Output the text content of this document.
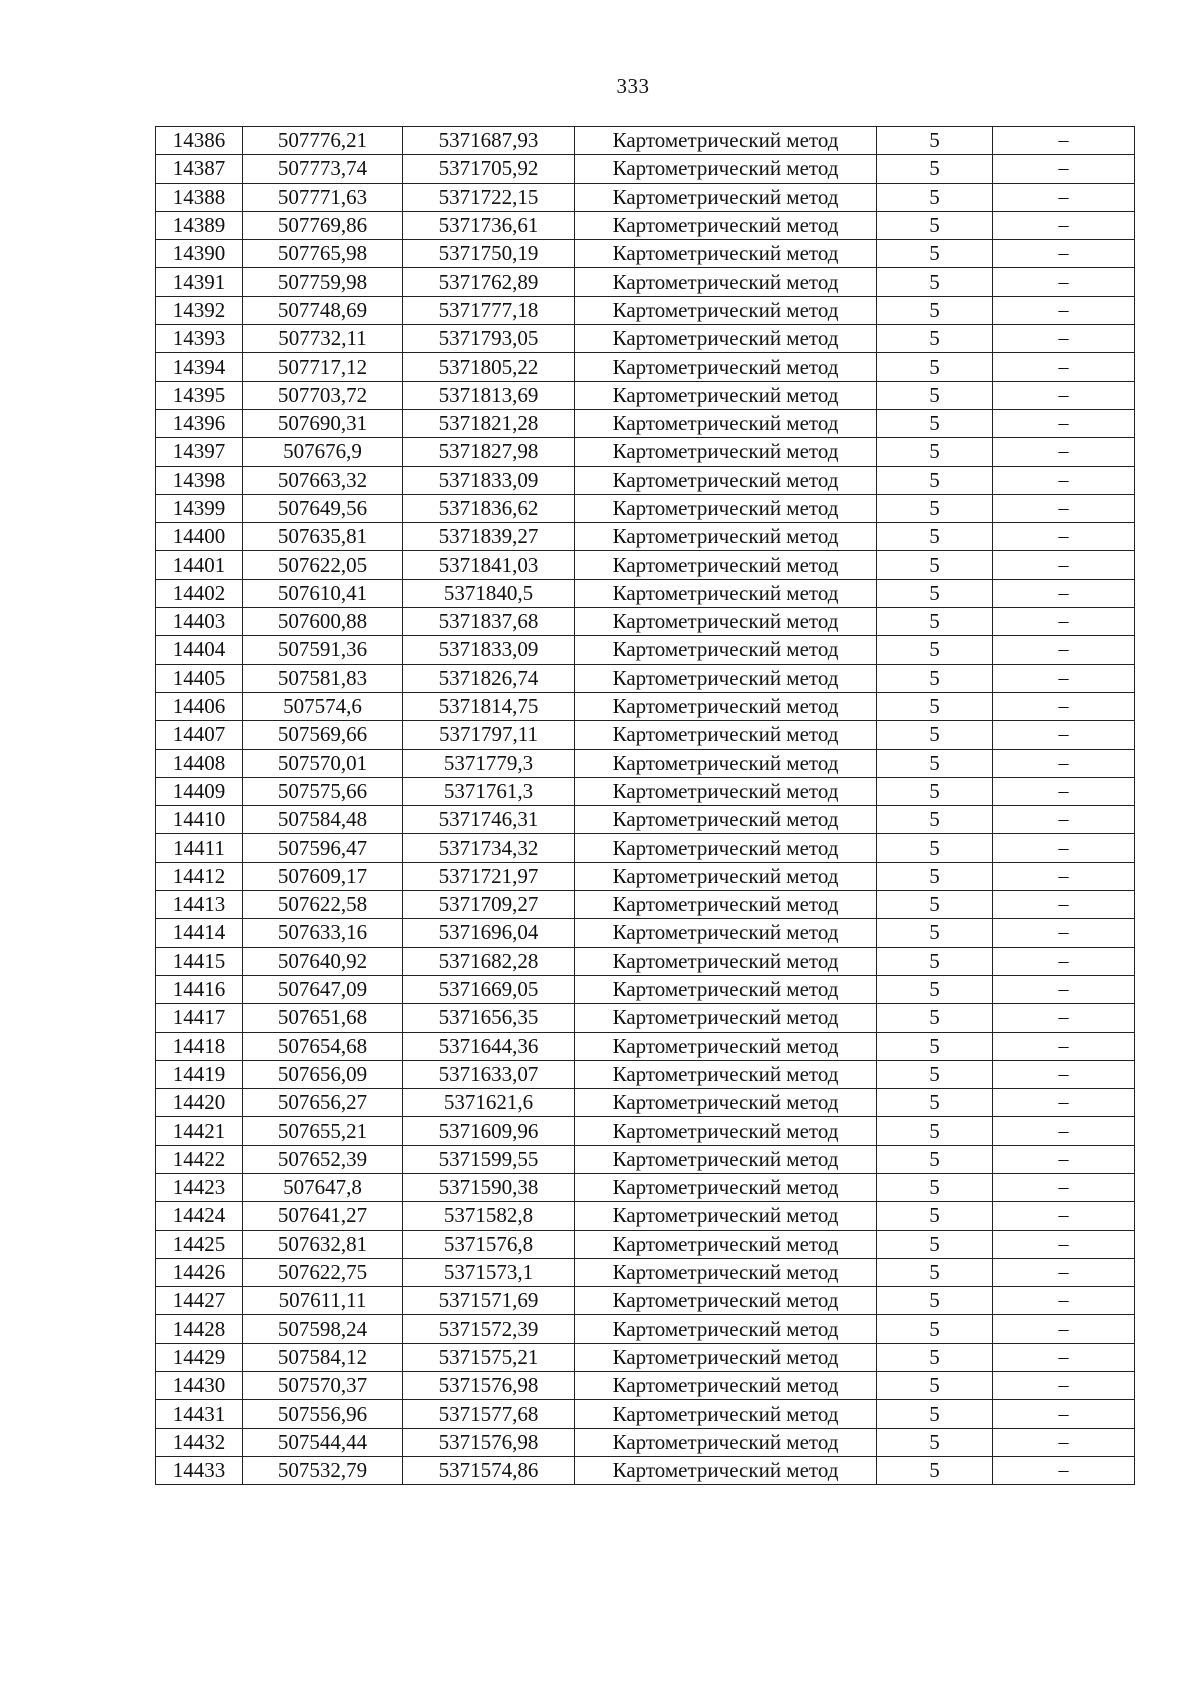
333
14386	507776,21	5371687,93	Картометрический метод	5	–
14387	507773,74	5371705,92	Картометрический метод	5	–
14388	507771,63	5371722,15	Картометрический метод	5	–
14389	507769,86	5371736,61	Картометрический метод	5	–
14390	507765,98	5371750,19	Картометрический метод	5	–
14391	507759,98	5371762,89	Картометрический метод	5	–
14392	507748,69	5371777,18	Картометрический метод	5	–
14393	507732,11	5371793,05	Картометрический метод	5	–
14394	507717,12	5371805,22	Картометрический метод	5	–
14395	507703,72	5371813,69	Картометрический метод	5	–
14396	507690,31	5371821,28	Картометрический метод	5	–
14397	507676,9	5371827,98	Картометрический метод	5	–
14398	507663,32	5371833,09	Картометрический метод	5	–
14399	507649,56	5371836,62	Картометрический метод	5	–
14400	507635,81	5371839,27	Картометрический метод	5	–
14401	507622,05	5371841,03	Картометрический метод	5	–
14402	507610,41	5371840,5	Картометрический метод	5	–
14403	507600,88	5371837,68	Картометрический метод	5	–
14404	507591,36	5371833,09	Картометрический метод	5	–
14405	507581,83	5371826,74	Картометрический метод	5	–
14406	507574,6	5371814,75	Картометрический метод	5	–
14407	507569,66	5371797,11	Картометрический метод	5	–
14408	507570,01	5371779,3	Картометрический метод	5	–
14409	507575,66	5371761,3	Картометрический метод	5	–
14410	507584,48	5371746,31	Картометрический метод	5	–
14411	507596,47	5371734,32	Картометрический метод	5	–
14412	507609,17	5371721,97	Картометрический метод	5	–
14413	507622,58	5371709,27	Картометрический метод	5	–
14414	507633,16	5371696,04	Картометрический метод	5	–
14415	507640,92	5371682,28	Картометрический метод	5	–
14416	507647,09	5371669,05	Картометрический метод	5	–
14417	507651,68	5371656,35	Картометрический метод	5	–
14418	507654,68	5371644,36	Картометрический метод	5	–
14419	507656,09	5371633,07	Картометрический метод	5	–
14420	507656,27	5371621,6	Картометрический метод	5	–
14421	507655,21	5371609,96	Картометрический метод	5	–
14422	507652,39	5371599,55	Картометрический метод	5	–
14423	507647,8	5371590,38	Картометрический метод	5	–
14424	507641,27	5371582,8	Картометрический метод	5	–
14425	507632,81	5371576,8	Картометрический метод	5	–
14426	507622,75	5371573,1	Картометрический метод	5	–
14427	507611,11	5371571,69	Картометрический метод	5	–
14428	507598,24	5371572,39	Картометрический метод	5	–
14429	507584,12	5371575,21	Картометрический метод	5	–
14430	507570,37	5371576,98	Картометрический метод	5	–
14431	507556,96	5371577,68	Картометрический метод	5	–
14432	507544,44	5371576,98	Картометрический метод	5	–
14433	507532,79	5371574,86	Картометрический метод	5	–
